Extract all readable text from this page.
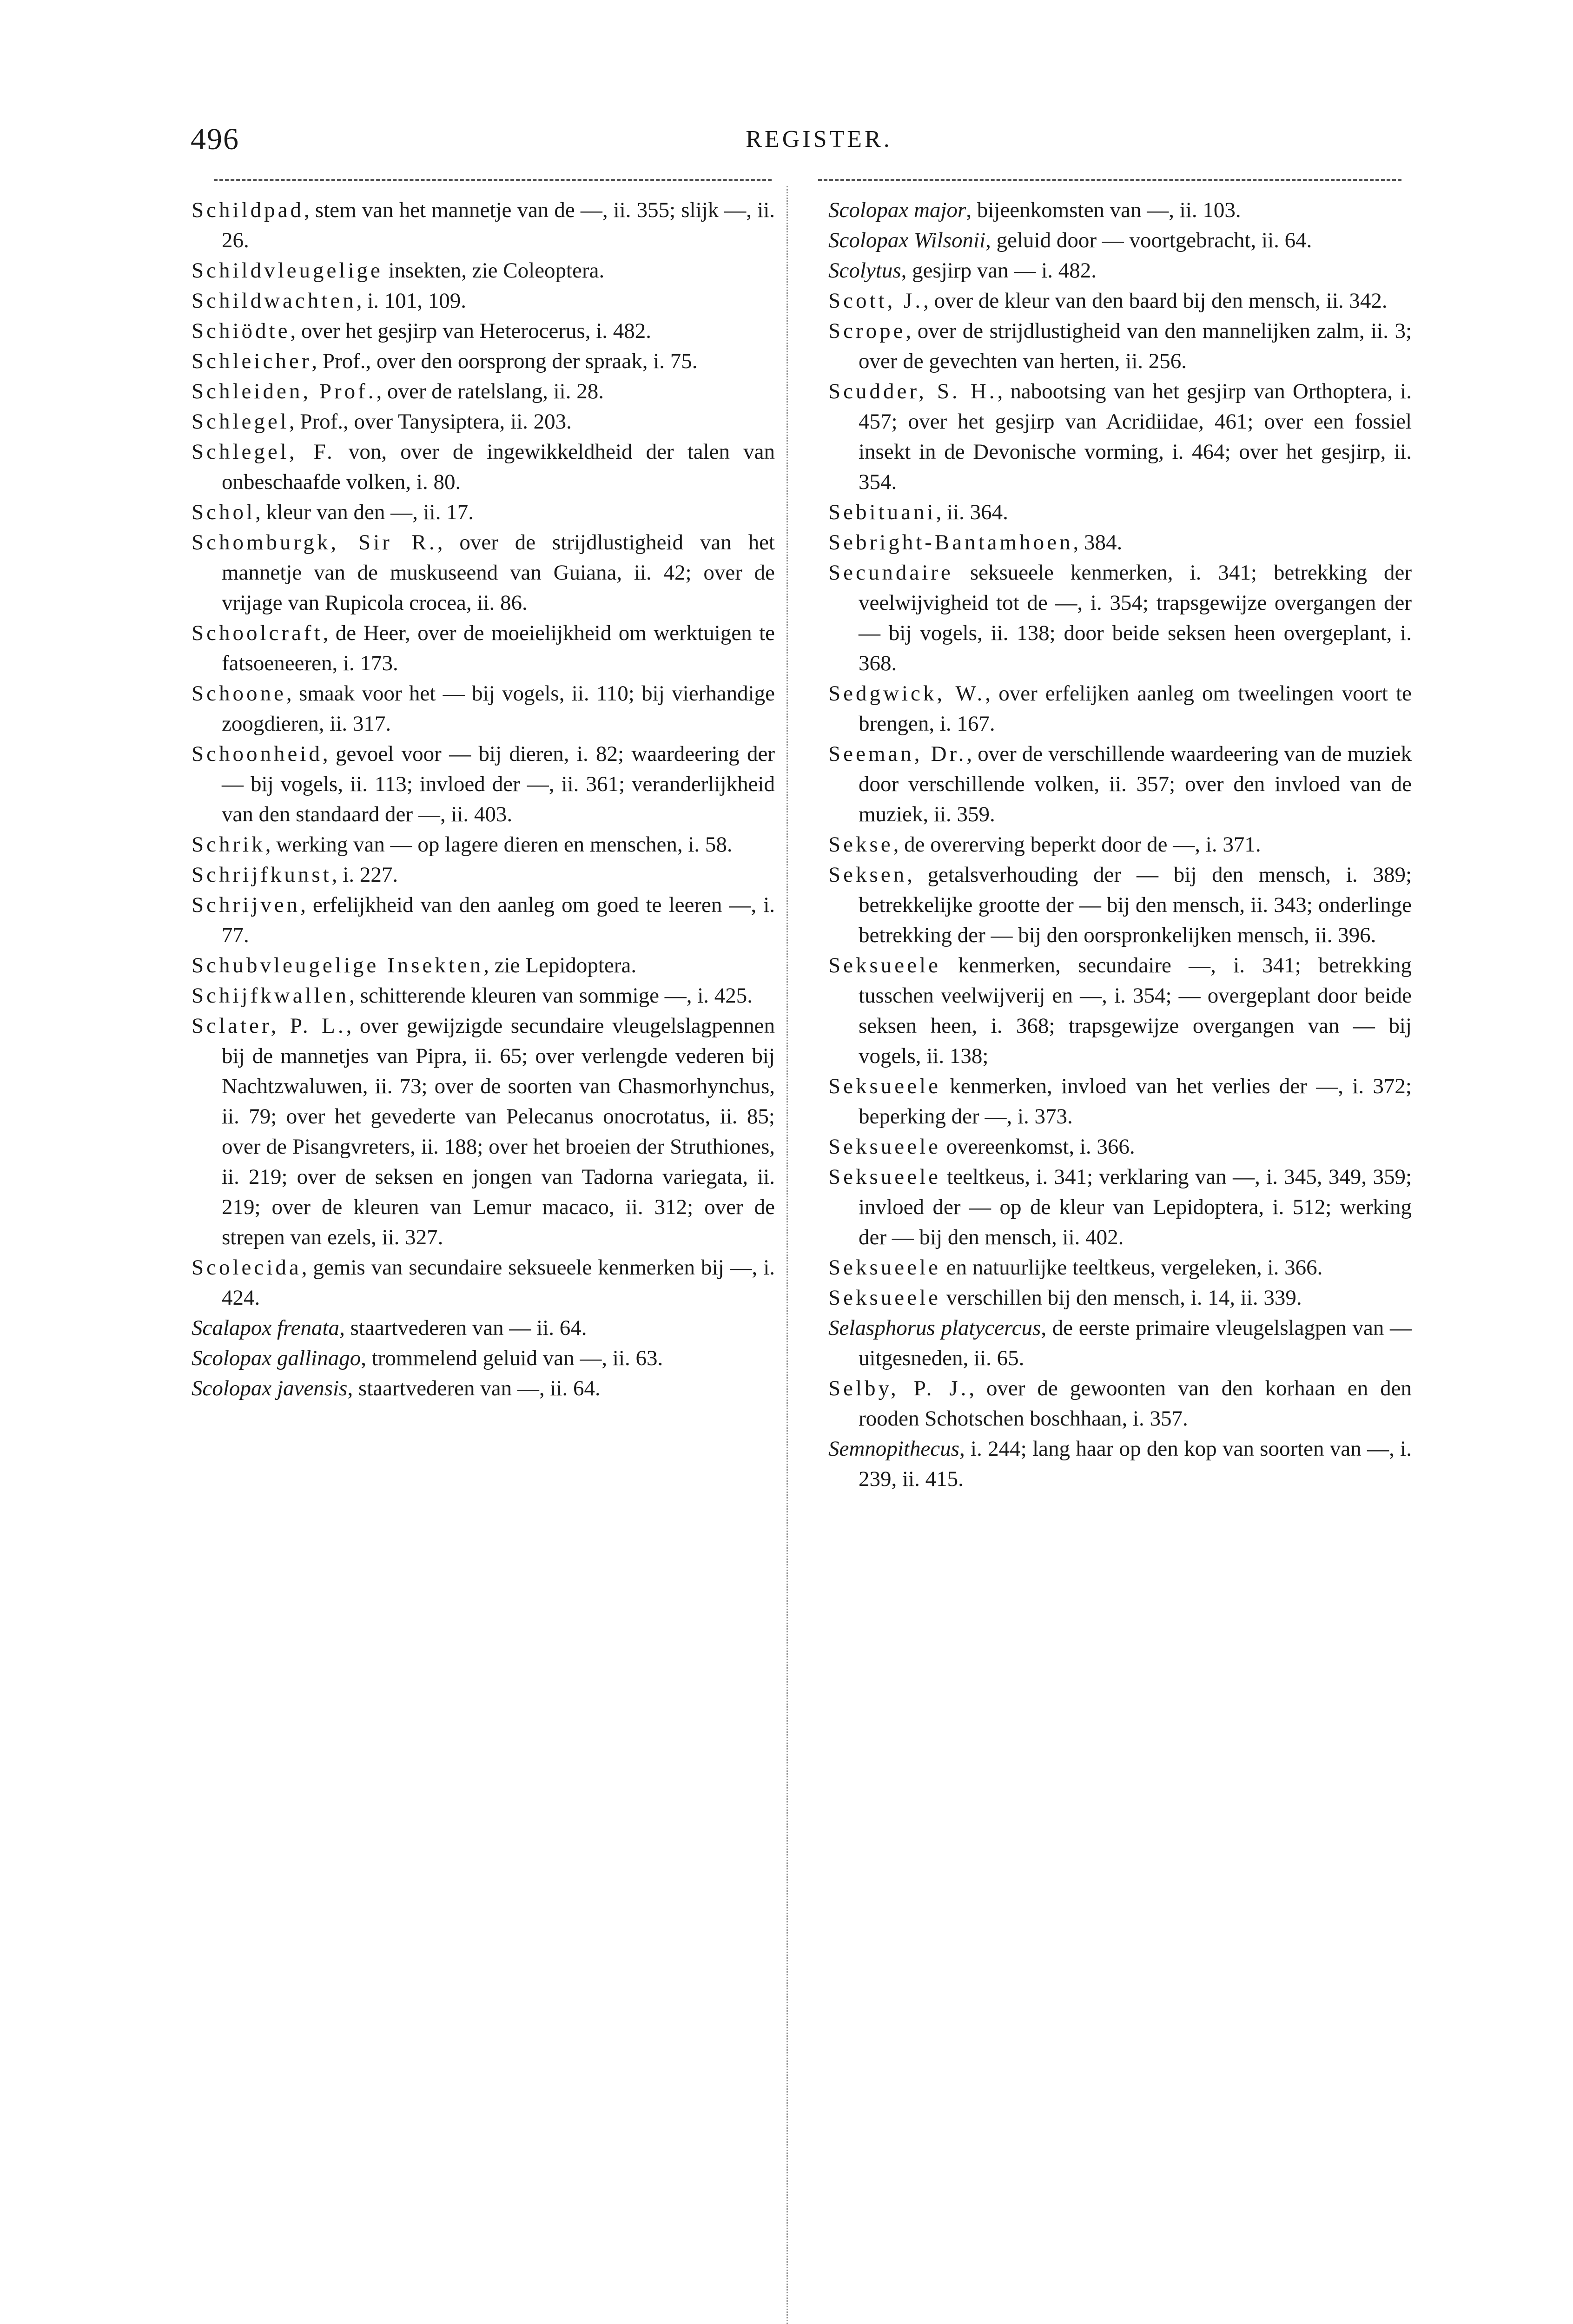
496	REGISTER.

Schildpad, stem van het mannetje van de —, ii. 355; slijk —, ii. 26.

Schildvleugelige insekten, zie Coleoptera.

Schildwachten, i. 101, 109.

Schiödte, over het gesjirp van Heterocerus, i. 482.

Schleicher, Prof., over den oorsprong der spraak, i. 75.

Schleiden, Prof., over de ratelslang, ii. 28.

Schlegel, Prof., over Tanysiptera, ii. 203.

Schlegel, F. von, over de ingewikkeldheid der talen van onbeschaafde volken, i. 80.

Schol, kleur van den —, ii. 17.

Schomburgk, Sir R., over de strijdlustigheid van het mannetje van de muskuseend van Guiana, ii. 42; over de vrijage van Rupicola crocea, ii. 86.

Schoolcraft, de Heer, over de moeielijkheid om werktuigen te fatsoeneeren, i. 173.

Schoone, smaak voor het — bij vogels, ii. 110; bij vierhandige zoogdieren, ii. 317.

Schoonheid, gevoel voor — bij dieren, i. 82; waardeering der — bij vogels, ii. 113; invloed der —, ii. 361; veranderlijkheid van den standaard der —, ii. 403.

Schrik, werking van — op lagere dieren en menschen, i. 58.

Schrijfkunst, i. 227.

Schrijven, erfelijkheid van den aanleg om goed te leeren —, i. 77.

Schubvleugelige Insekten, zie Lepidoptera.

Schijfkwallen, schitterende kleuren van sommige —, i. 425.

Sclater, P. L., over gewijzigde secundaire vleugelslagpennen bij de mannetjes van Pipra, ii. 65; over verlengde vederen bij Nachtzwaluwen, ii. 73; over de soorten van Chasmorhynchus, ii. 79; over het gevederte van Pelecanus onocrotatus, ii. 85; over de Pisangvreters, ii. 188; over het broeien der Struthiones, ii. 219; over de seksen en jongen van Tadorna variegata, ii. 219; over de kleuren van Lemur macaco, ii. 312; over de strepen van ezels, ii. 327.

Scolecida, gemis van secundaire seksueele kenmerken bij —, i. 424.

Scalapox frenata, staartvederen van — ii. 64.

Scolopax gallinago, trommelend geluid van —, ii. 63.

Scolopax javensis, staartvederen van —, ii. 64.

Scolopax major, bijeenkomsten van —, ii. 103.

Scolopax Wilsonii, geluid door — voortgebracht, ii. 64.

Scolytus, gesjirp van — i. 482.

Scott, J., over de kleur van den baard bij den mensch, ii. 342.

Scrope, over de strijdlustigheid van den mannelijken zalm, ii. 3; over de gevechten van herten, ii. 256.

Scudder, S. H., nabootsing van het gesjirp van Orthoptera, i. 457; over het gesjirp van Acridiidae, 461; over een fossiel insekt in de Devonische vorming, i. 464; over het gesjirp, ii. 354.

Sebituani, ii. 364.

Sebright-Bantamhoen, 384.

Secundaire seksueele kenmerken, i. 341; betrekking der veelwijvigheid tot de —, i. 354; trapsgewijze overgangen der — bij vogels, ii. 138; door beide seksen heen overgeplant, i. 368.

Sedgwick, W., over erfelijken aanleg om tweelingen voort te brengen, i. 167.

Seeman, Dr., over de verschillende waardeering van de muziek door verschillende volken, ii. 357; over den invloed van de muziek, ii. 359.

Sekse, de overerving beperkt door de —, i. 371.

Seksen, getalsverhouding der — bij den mensch, i. 389; betrekkelijke grootte der — bij den mensch, ii. 343; onderlinge betrekking der — bij den oorspronkelijken mensch, ii. 396.

Seksueele kenmerken, secundaire —, i. 341; betrekking tusschen veelwijverij en —, i. 354; — overgeplant door beide seksen heen, i. 368; trapsgewijze overgangen van — bij vogels, ii. 138;

Seksueele kenmerken, invloed van het verlies der —, i. 372; beperking der —, i. 373.

Seksueele overeenkomst, i. 366.

Seksueele teeltkeus, i. 341; verklaring van —, i. 345, 349, 359; invloed der — op de kleur van Lepidoptera, i. 512; werking der — bij den mensch, ii. 402.

Seksueele en natuurlijke teeltkeus, vergeleken, i. 366.

Seksueele verschillen bij den mensch, i. 14, ii. 339.

Selasphorus platycercus, de eerste primaire vleugelslagpen van — uitgesneden, ii. 65.

Selby, P. J., over de gewoonten van den korhaan en den rooden Schotschen boschhaan, i. 357.

Semnopithecus, i. 244; lang haar op den kop van soorten van —, i. 239, ii. 415.
